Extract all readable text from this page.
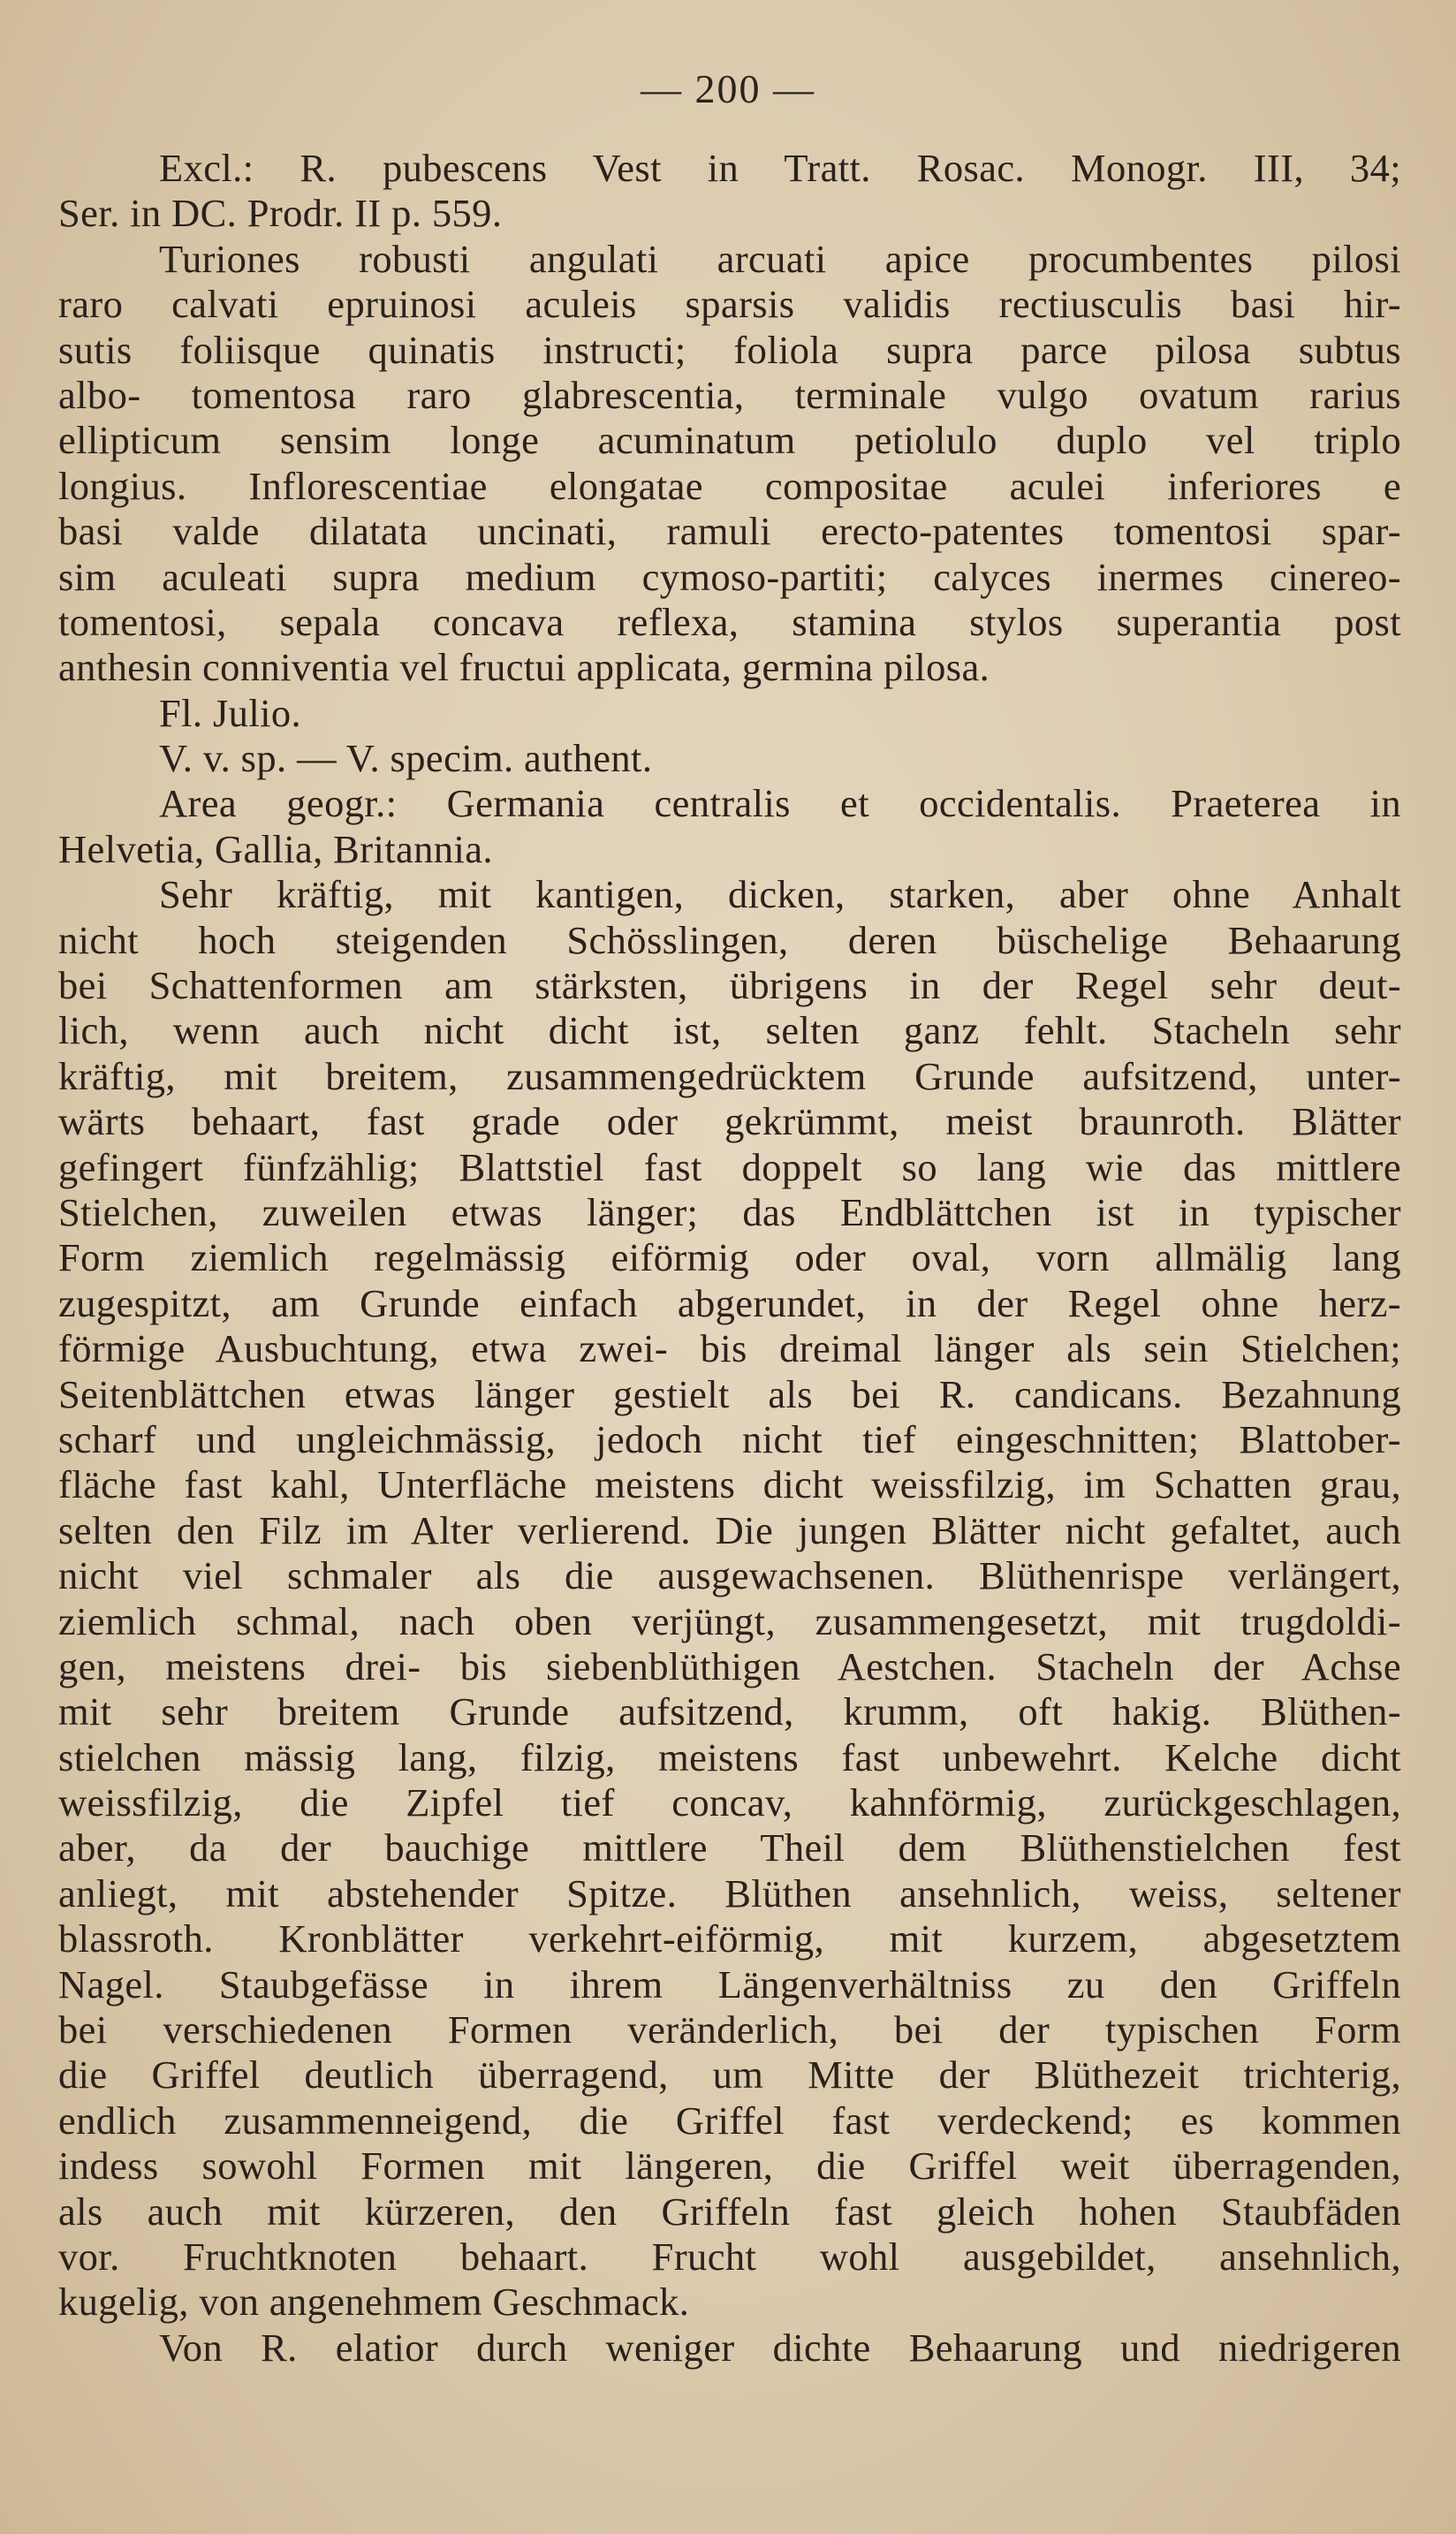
— 200 —
Excl.: R. pubescens Vest in Tratt. Rosac. Monogr. III, 34;
Ser. in DC. Prodr. II p. 559.
Turiones robusti angulati arcuati apice procumbentes pilosi
raro calvati epruinosi aculeis sparsis validis rectiusculis basi hir-
sutis foliisque quinatis instructi; foliola supra parce pilosa subtus
albo- tomentosa raro glabrescentia, terminale vulgo ovatum rarius
ellipticum sensim longe acuminatum petiolulo duplo vel triplo
longius. Inflorescentiae elongatae compositae aculei inferiores e
basi valde dilatata uncinati, ramuli erecto-patentes tomentosi spar-
sim aculeati supra medium cymoso-partiti; calyces inermes cinereo-
tomentosi, sepala concava reflexa, stamina stylos superantia post
anthesin conniventia vel fructui applicata, germina pilosa.
Fl. Julio.
V. v. sp. — V. specim. authent.
Area geogr.: Germania centralis et occidentalis. Praeterea in
Helvetia, Gallia, Britannia.
Sehr kräftig, mit kantigen, dicken, starken, aber ohne Anhalt
nicht hoch steigenden Schösslingen, deren büschelige Behaarung
bei Schattenformen am stärksten, übrigens in der Regel sehr deut-
lich, wenn auch nicht dicht ist, selten ganz fehlt. Stacheln sehr
kräftig, mit breitem, zusammengedrücktem Grunde aufsitzend, unter-
wärts behaart, fast grade oder gekrümmt, meist braunroth. Blätter
gefingert fünfzählig; Blattstiel fast doppelt so lang wie das mittlere
Stielchen, zuweilen etwas länger; das Endblättchen ist in typischer
Form ziemlich regelmässig eiförmig oder oval, vorn allmälig lang
zugespitzt, am Grunde einfach abgerundet, in der Regel ohne herz-
förmige Ausbuchtung, etwa zwei- bis dreimal länger als sein Stielchen;
Seitenblättchen etwas länger gestielt als bei R. candicans. Bezahnung
scharf und ungleichmässig, jedoch nicht tief eingeschnitten; Blattober-
fläche fast kahl, Unterfläche meistens dicht weissfilzig, im Schatten grau,
selten den Filz im Alter verlierend. Die jungen Blätter nicht gefaltet, auch
nicht viel schmaler als die ausgewachsenen. Blüthenrispe verlängert,
ziemlich schmal, nach oben verjüngt, zusammengesetzt, mit trugdoldi-
gen, meistens drei- bis siebenblüthigen Aestchen. Stacheln der Achse
mit sehr breitem Grunde aufsitzend, krumm, oft hakig. Blüthen-
stielchen mässig lang, filzig, meistens fast unbewehrt. Kelche dicht
weissfilzig, die Zipfel tief concav, kahnförmig, zurückgeschlagen,
aber, da der bauchige mittlere Theil dem Blüthenstielchen fest
anliegt, mit abstehender Spitze. Blüthen ansehnlich, weiss, seltener
blassroth. Kronblätter verkehrt-eiförmig, mit kurzem, abgesetztem
Nagel. Staubgefässe in ihrem Längenverhältniss zu den Griffeln
bei verschiedenen Formen veränderlich, bei der typischen Form
die Griffel deutlich überragend, um Mitte der Blüthezeit trichterig,
endlich zusammenneigend, die Griffel fast verdeckend; es kommen
indess sowohl Formen mit längeren, die Griffel weit überragenden,
als auch mit kürzeren, den Griffeln fast gleich hohen Staubfäden
vor. Fruchtknoten behaart. Frucht wohl ausgebildet, ansehnlich,
kugelig, von angenehmem Geschmack.
Von R. elatior durch weniger dichte Behaarung und niedrigeren
